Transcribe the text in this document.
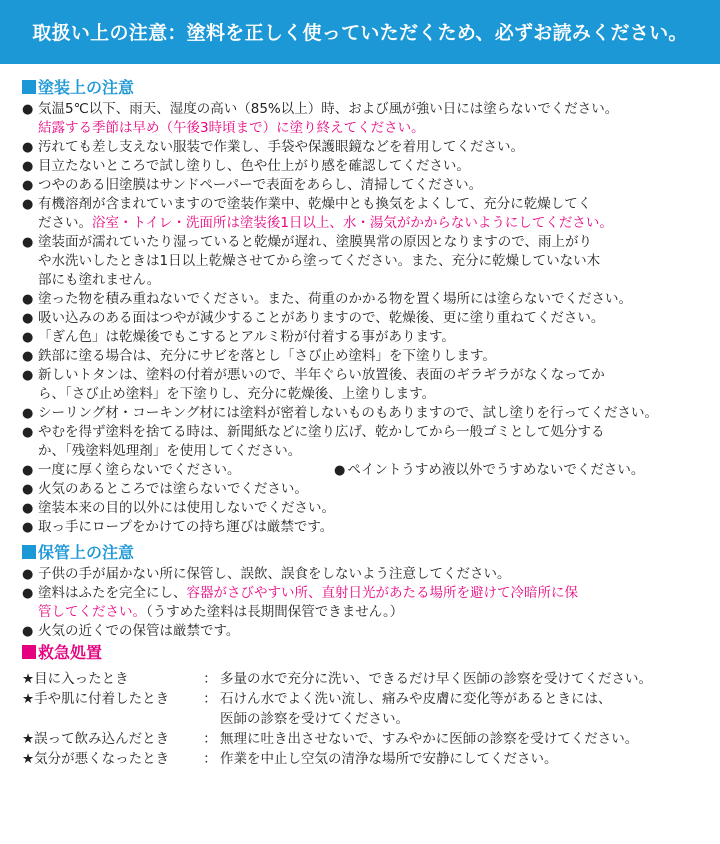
取扱い上の注意：塗料を正しく使っていただくため、必ずお読みください。
塗装上の注意
● 気温5℃以下、雨天、湿度の高い（85%以上）時、および風が強い日には塗らないでください。
結露する季節は早め（午後3時頃まで）に塗り終えてください。
● 汚れても差し支えない服装で作業し、手袋や保護眼鏡などを着用してください。
● 目立たないところで試し塗りし、色や仕上がり感を確認してください。
● つやのある旧塗膜はサンドペーパーで表面をあらし、清掃してください。
● 有機溶剤が含まれていますので塗装作業中、乾燥中とも換気をよくして、充分に乾燥してく
ださい。浴室・トイレ・洗面所は塗装後1日以上、水・湯気がかからないようにしてください。
● 塗装面が濡れていたり湿っていると乾燥が遅れ、塗膜異常の原因となりますので、雨上がり
や水洗いしたときは1日以上乾燥させてから塗ってください。また、充分に乾燥していない木
部にも塗れません。
● 塗った物を積み重ねないでください。また、荷重のかかる物を置く場所には塗らないでください。
● 吸い込みのある面はつやが減少することがありますので、乾燥後、更に塗り重ねてください。
● 「ぎん色」は乾燥後でもこするとアルミ粉が付着する事があります。
● 鉄部に塗る場合は、充分にサビを落とし「さび止め塗料」を下塗りします。
● 新しいトタンは、塗料の付着が悪いので、半年ぐらい放置後、表面のギラギラがなくなってか
ら、「さび止め塗料」を下塗りし、充分に乾燥後、上塗りします。
● シーリング材・コーキング材には塗料が密着しないものもありますので、試し塗りを行ってください。
● やむを得ず塗料を捨てる時は、新聞紙などに塗り広げ、乾かしてから一般ゴミとして処分する
か、「残塗料処理剤」を使用してください。
● 一度に厚く塗らないでください。	● ペイントうすめ液以外でうすめないでください。
● 火気のあるところでは塗らないでください。
● 塗装本来の目的以外には使用しないでください。
● 取っ手にロープをかけての持ち運びは厳禁です。
保管上の注意
● 子供の手が届かない所に保管し、誤飲、誤食をしないよう注意してください。
● 塗料はふたを完全にし、容器がさびやすい所、直射日光があたる場所を避けて冷暗所に保
管してください。（うすめた塗料は長期間保管できません。）
● 火気の近くでの保管は厳禁です。
救急処置
★目に入ったとき	： 多量の水で充分に洗い、できるだけ早く医師の診察を受けてください。
★手や肌に付着したとき	： 石けん水でよく洗い流し、痛みや皮膚に変化等があるときには、
医師の診察を受けてください。
★誤って飲み込んだとき	： 無理に吐き出させないで、すみやかに医師の診察を受けてください。
★気分が悪くなったとき	： 作業を中止し空気の清浄な場所で安静にしてください。
